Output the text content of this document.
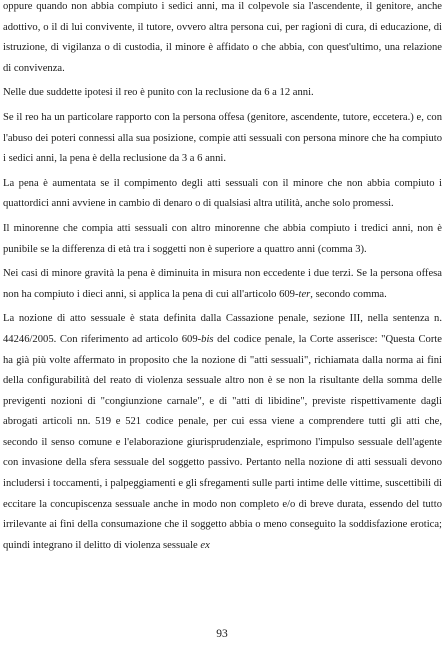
oppure quando non abbia compiuto i sedici anni, ma il colpevole sia l'ascendente, il genitore, anche adottivo, o il di lui convivente, il tutore, ovvero altra persona cui, per ragioni di cura, di educazione, di istruzione, di vigilanza o di custodia, il minore è affidato o che abbia, con quest'ultimo, una relazione di convivenza.

Nelle due suddette ipotesi il reo è punito con la reclusione da 6 a 12 anni.

Se il reo ha un particolare rapporto con la persona offesa (genitore, ascendente, tutore, eccetera.) e, con l'abuso dei poteri connessi alla sua posizione, compie atti sessuali con persona minore che ha compiuto i sedici anni, la pena è della reclusione da 3 a 6 anni.

La pena è aumentata se il compimento degli atti sessuali con il minore che non abbia compiuto i quattordici anni avviene in cambio di denaro o di qualsiasi altra utilità, anche solo promessi.

Il minorenne che compia atti sessuali con altro minorenne che abbia compiuto i tredici anni, non è punibile se la differenza di età tra i soggetti non è superiore a quattro anni (comma 3).

Nei casi di minore gravità la pena è diminuita in misura non eccedente i due terzi. Se la persona offesa non ha compiuto i dieci anni, si applica la pena di cui all'articolo 609-ter, secondo comma.

La nozione di atto sessuale è stata definita dalla Cassazione penale, sezione III, nella sentenza n. 44246/2005. Con riferimento ad articolo 609-bis del codice penale, la Corte asserisce: "Questa Corte ha già più volte affermato in proposito che la nozione di "atti sessuali", richiamata dalla norma ai fini della configurabilità del reato di violenza sessuale altro non è se non la risultante della somma delle previgenti nozioni di "congiunzione carnale", e di "atti di libidine", previste rispettivamente dagli abrogati articoli nn. 519 e 521 codice penale, per cui essa viene a comprendere tutti gli atti che, secondo il senso comune e l'elaborazione giurisprudenziale, esprimono l'impulso sessuale dell'agente con invasione della sfera sessuale del soggetto passivo. Pertanto nella nozione di atti sessuali devono includersi i toccamenti, i palpeggiamenti e gli sfregamenti sulle parti intime delle vittime, suscettibili di eccitare la concupiscenza sessuale anche in modo non completo e/o di breve durata, essendo del tutto irrilevante ai fini della consumazione che il soggetto abbia o meno conseguito la soddisfazione erotica; quindi integrano il delitto di violenza sessuale ex

93
